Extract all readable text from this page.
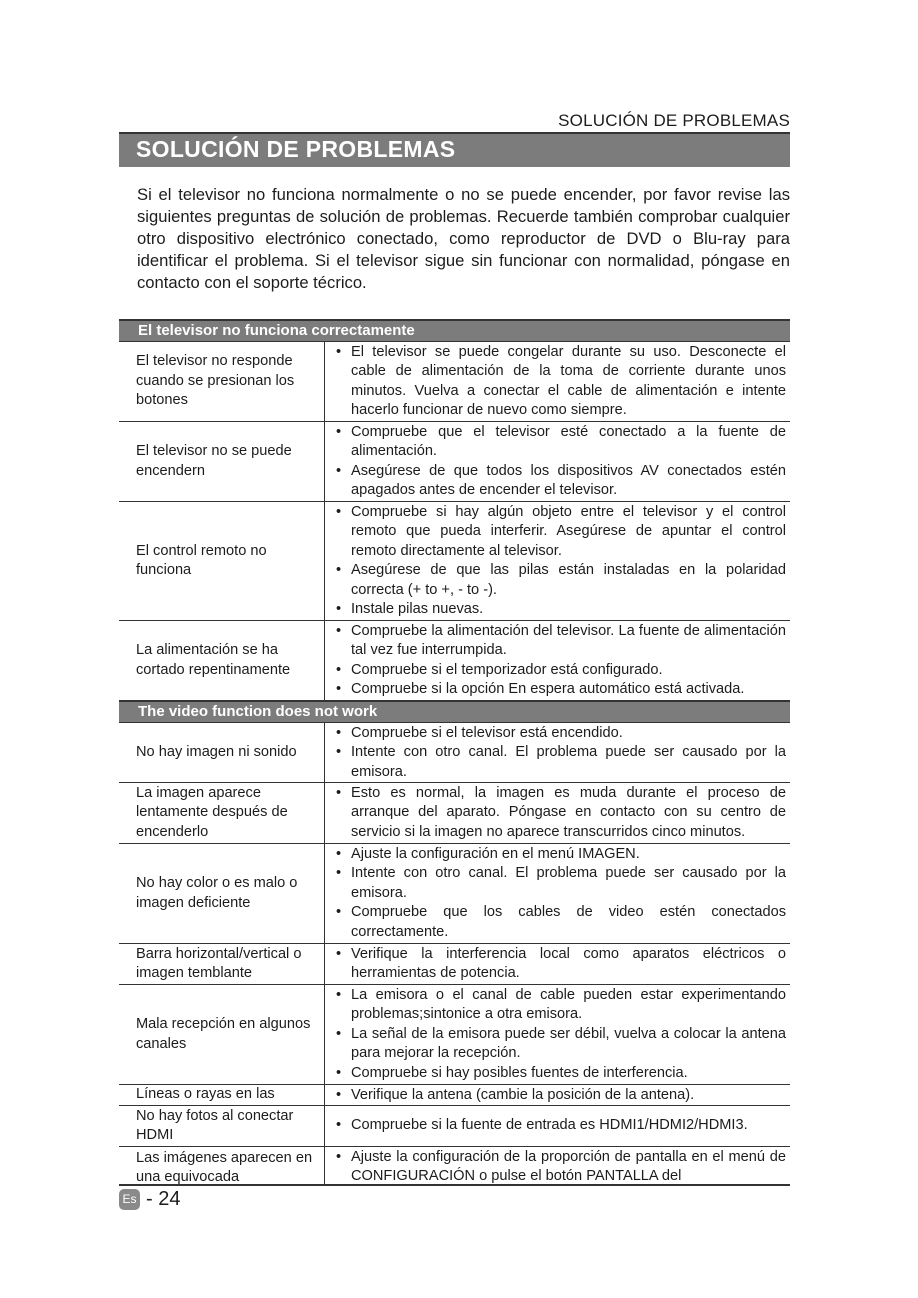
SOLUCIÓN DE PROBLEMAS
SOLUCIÓN DE PROBLEMAS

Si el televisor no funciona normalmente o no se puede encender, por favor revise las siguientes preguntas de solución de problemas. Recuerde también comprobar cualquier otro dispositivo electrónico conectado, como reproductor de DVD o Blu-ray para identificar el problema. Si el televisor sigue sin funcionar con normalidad, póngase en contacto con el soporte técrico.

El televisor no funciona correctamente
El televisor no responde cuando se presionan los botones
• El televisor se puede congelar durante su uso. Desconecte el cable de alimentación de la toma de corriente durante unos minutos. Vuelva a conectar el cable de alimentación e intente hacerlo funcionar de nuevo como siempre.
El televisor no se puede encendern
• Compruebe que el televisor esté conectado a la fuente de alimentación.
• Asegúrese de que todos los dispositivos AV conectados estén apagados antes de encender el televisor.
El control remoto no funciona
• Compruebe si hay algún objeto entre el televisor y el control remoto que pueda interferir. Asegúrese de apuntar el control remoto directamente al televisor.
• Asegúrese de que las pilas están instaladas en la polaridad correcta (+ to +, - to -).
• Instale pilas nuevas.
La alimentación se ha cortado repentinamente
• Compruebe la alimentación del televisor. La fuente de alimentación tal vez fue interrumpida.
• Compruebe si el temporizador está configurado.
• Compruebe si la opción En espera automático está activada.
The video function does not work
No hay imagen ni sonido
• Compruebe si el televisor está encendido.
• Intente con otro canal. El problema puede ser causado por la emisora.
La imagen aparece lentamente después de encenderlo
• Esto es normal, la imagen es muda durante el proceso de arranque del aparato. Póngase en contacto con su centro de servicio si la imagen no aparece transcurridos cinco minutos.
No hay color o es malo o imagen deficiente
• Ajuste la configuración en el menú IMAGEN.
• Intente con otro canal. El problema puede ser causado por la emisora.
• Compruebe que los cables de video estén conectados correctamente.
Barra horizontal/vertical o imagen temblante
• Verifique la interferencia local como aparatos eléctricos o herramientas de potencia.
Mala recepción en algunos canales
• La emisora o el canal de cable pueden estar experimentando problemas;sintonice a otra emisora.
• La señal de la emisora puede ser débil, vuelva a colocar la antena para mejorar la recepción.
• Compruebe si hay posibles fuentes de interferencia.
Líneas o rayas en las
•	Verifique la antena (cambie la posición de la antena).
No hay fotos al conectar HDMI
• Compruebe si la fuente de entrada es HDMI1/HDMI2/HDMI3.
Las imágenes aparecen en una equivocada
• Ajuste la configuración de la proporción de pantalla en el menú de CONFIGURACIÓN o pulse el botón PANTALLA del
Es - 24
